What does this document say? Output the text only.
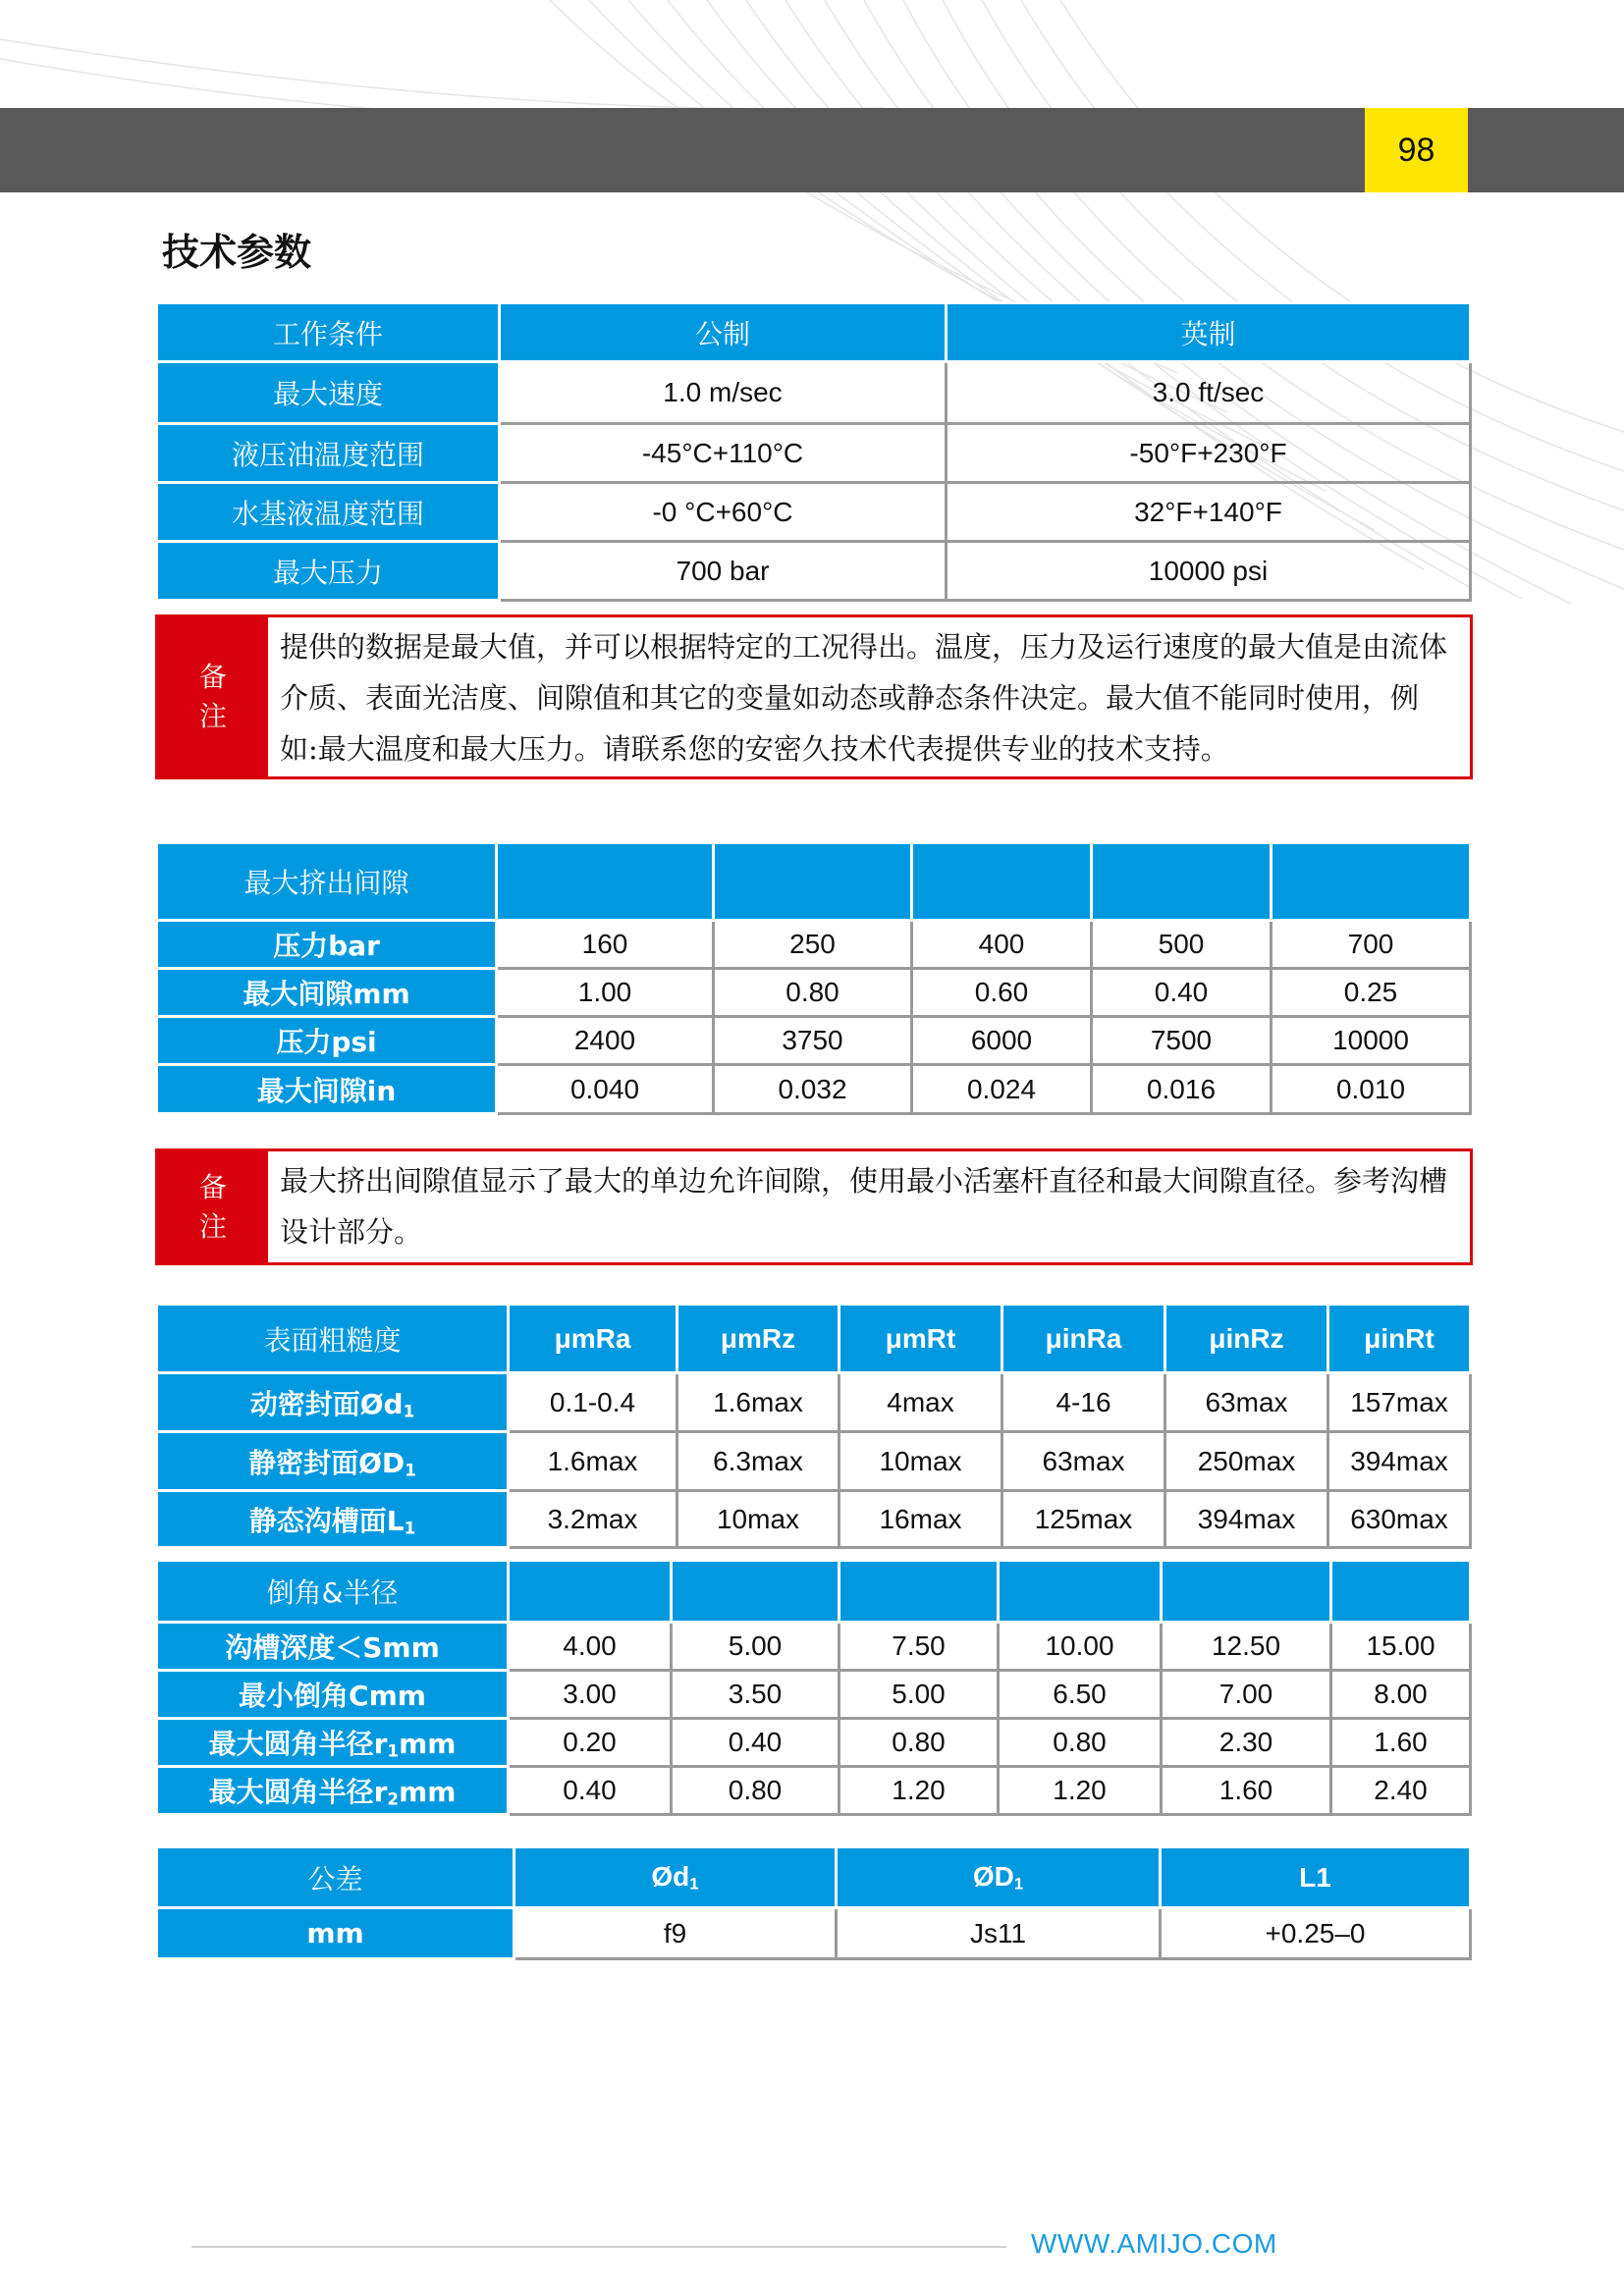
98
技术参数
工作条件	公制	英制
最大速度	1.0 m/sec	3.0 ft/sec
液压油温度范围	-45°C+110°C	-50°F+230°F
水基液温度范围	-0 °C+60°C	32°F+140°F
最大压力	700 bar	10000 psi
备
注
提供的数据是最大值，并可以根据特定的工况得出。温度，压力及运行速度的最大值是由流体
介质、表面光洁度、间隙值和其它的变量如动态或静态条件决定。最大值不能同时使用，例
如:最大温度和最大压力。请联系您的安密久技术代表提供专业的技术支持。
最大挤出间隙					
压力bar	160	250	400	500	700
最大间隙mm	1.00	0.80	0.60	0.40	0.25
压力psi	2400	3750	6000	7500	10000
最大间隙in	0.040	0.032	0.024	0.016	0.010
备
注
最大挤出间隙值显示了最大的单边允许间隙，使用最小活塞杆直径和最大间隙直径。参考沟槽
设计部分。
表面粗糙度	μmRa	μmRz	μmRt	μinRa	μinRz	μinRt
动密封面$Ød_1$	0.1-0.4	1.6max	4max	4-16	63max	157max
静密封面$ØD_1$	1.6max	6.3max	10max	63max	250max	394max
静态沟槽面$L_1$	3.2max	10max	16max	125max	394max	630max
倒角&半径						
沟槽深度＜Smm	4.00	5.00	7.50	10.00	12.50	15.00
最小倒角Cmm	3.00	3.50	5.00	6.50	7.00	8.00
最大圆角半径$r_1mm$	0.20	0.40	0.80	0.80	2.30	1.60
最大圆角半径$r_2mm$	0.40	0.80	1.20	1.20	1.60	2.40
公差	$Ød_1$	$ØD_1$	L1
mm	f9	Js11	+0.25–0
WWW.AMIJO.COM
